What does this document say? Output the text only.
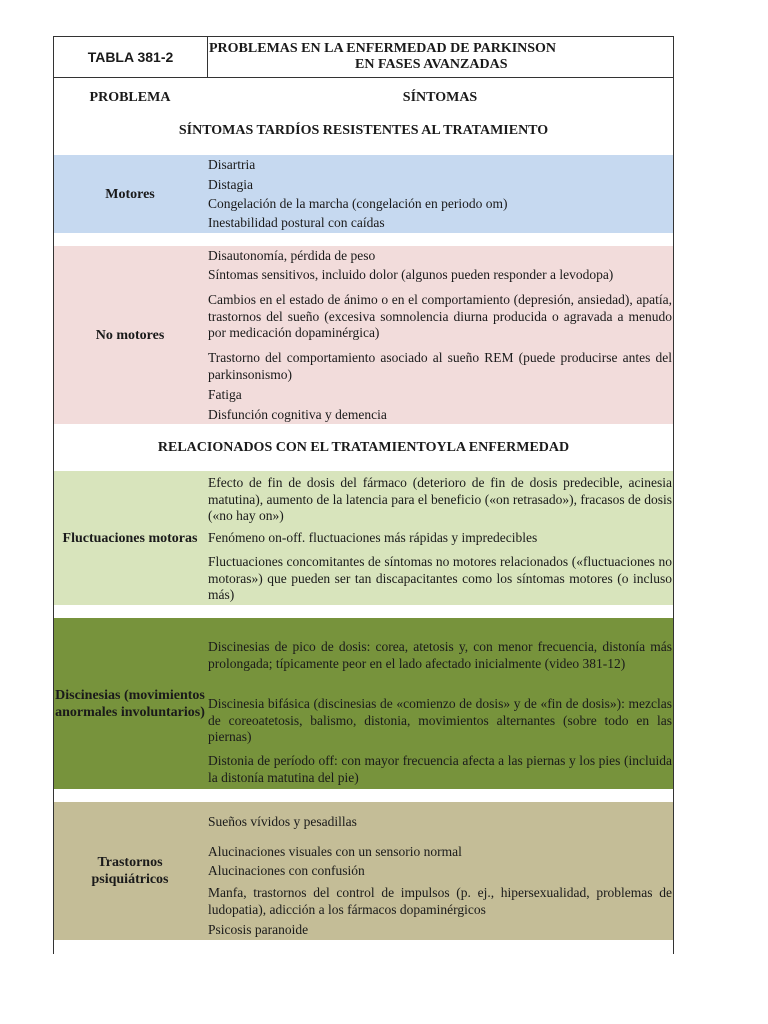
TABLA 381-2
PROBLEMAS EN LA ENFERMEDAD DE PARKINSON
EN FASES AVANZADAS
PROBLEMA	SÍNTOMAS
SÍNTOMAS TARDÍOS RESISTENTES AL TRATAMIENTO
Motores
Disartria
Distagia
Congelación de la marcha (congelación en periodo om)
Inestabilidad postural con caídas
No motores
Disautonomía, pérdida de peso
Síntomas sensitivos, incluido dolor (algunos pueden responder a levodopa)
Cambios en el estado de ánimo o en el comportamiento (depresión, ansiedad), apatía, trastornos del sueño (excesiva somnolencia diurna producida o agravada a menudo por medicación dopaminérgica)
Trastorno del comportamiento asociado al sueño REM (puede producirse antes del parkinsonismo)
Fatiga
Disfunción cognitiva y demencia
RELACIONADOS CON EL TRATAMIENTOYLA ENFERMEDAD
Fluctuaciones motoras
Efecto de fin de dosis del fármaco (deterioro de fin de dosis predecible, acinesia matutina), aumento de la latencia para el beneficio («on retrasado»), fracasos de dosis («no hay on»)
Fenómeno on-off. fluctuaciones más rápidas y impredecibles
Fluctuaciones concomitantes de síntomas no motores relacionados («fluctuaciones no motoras») que pueden ser tan discapacitantes como los síntomas motores (o incluso más)
Discinesias (movimientos
anormales involuntarios)
Discinesias de pico de dosis: corea, atetosis y, con menor frecuencia, distonía más prolongada; típicamente peor en el lado afectado inicialmente (video 381-12)
Discinesia bifásica (discinesias de «comienzo de dosis» y de «fin de dosis»): mezclas de coreoatetosis, balismo, distonia, movimientos alternantes (sobre todo en las piernas)
Distonia de período off: con mayor frecuencia afecta a las piernas y los pies (incluida la distonía matutina del pie)
Trastornos
psiquiátricos
Sueños vívidos y pesadillas
Alucinaciones visuales con un sensorio normal
Alucinaciones con confusión
Manfa, trastornos del control de impulsos (p. ej., hipersexualidad, problemas de ludopatia), adicción a los fármacos dopaminérgicos
Psicosis paranoide
